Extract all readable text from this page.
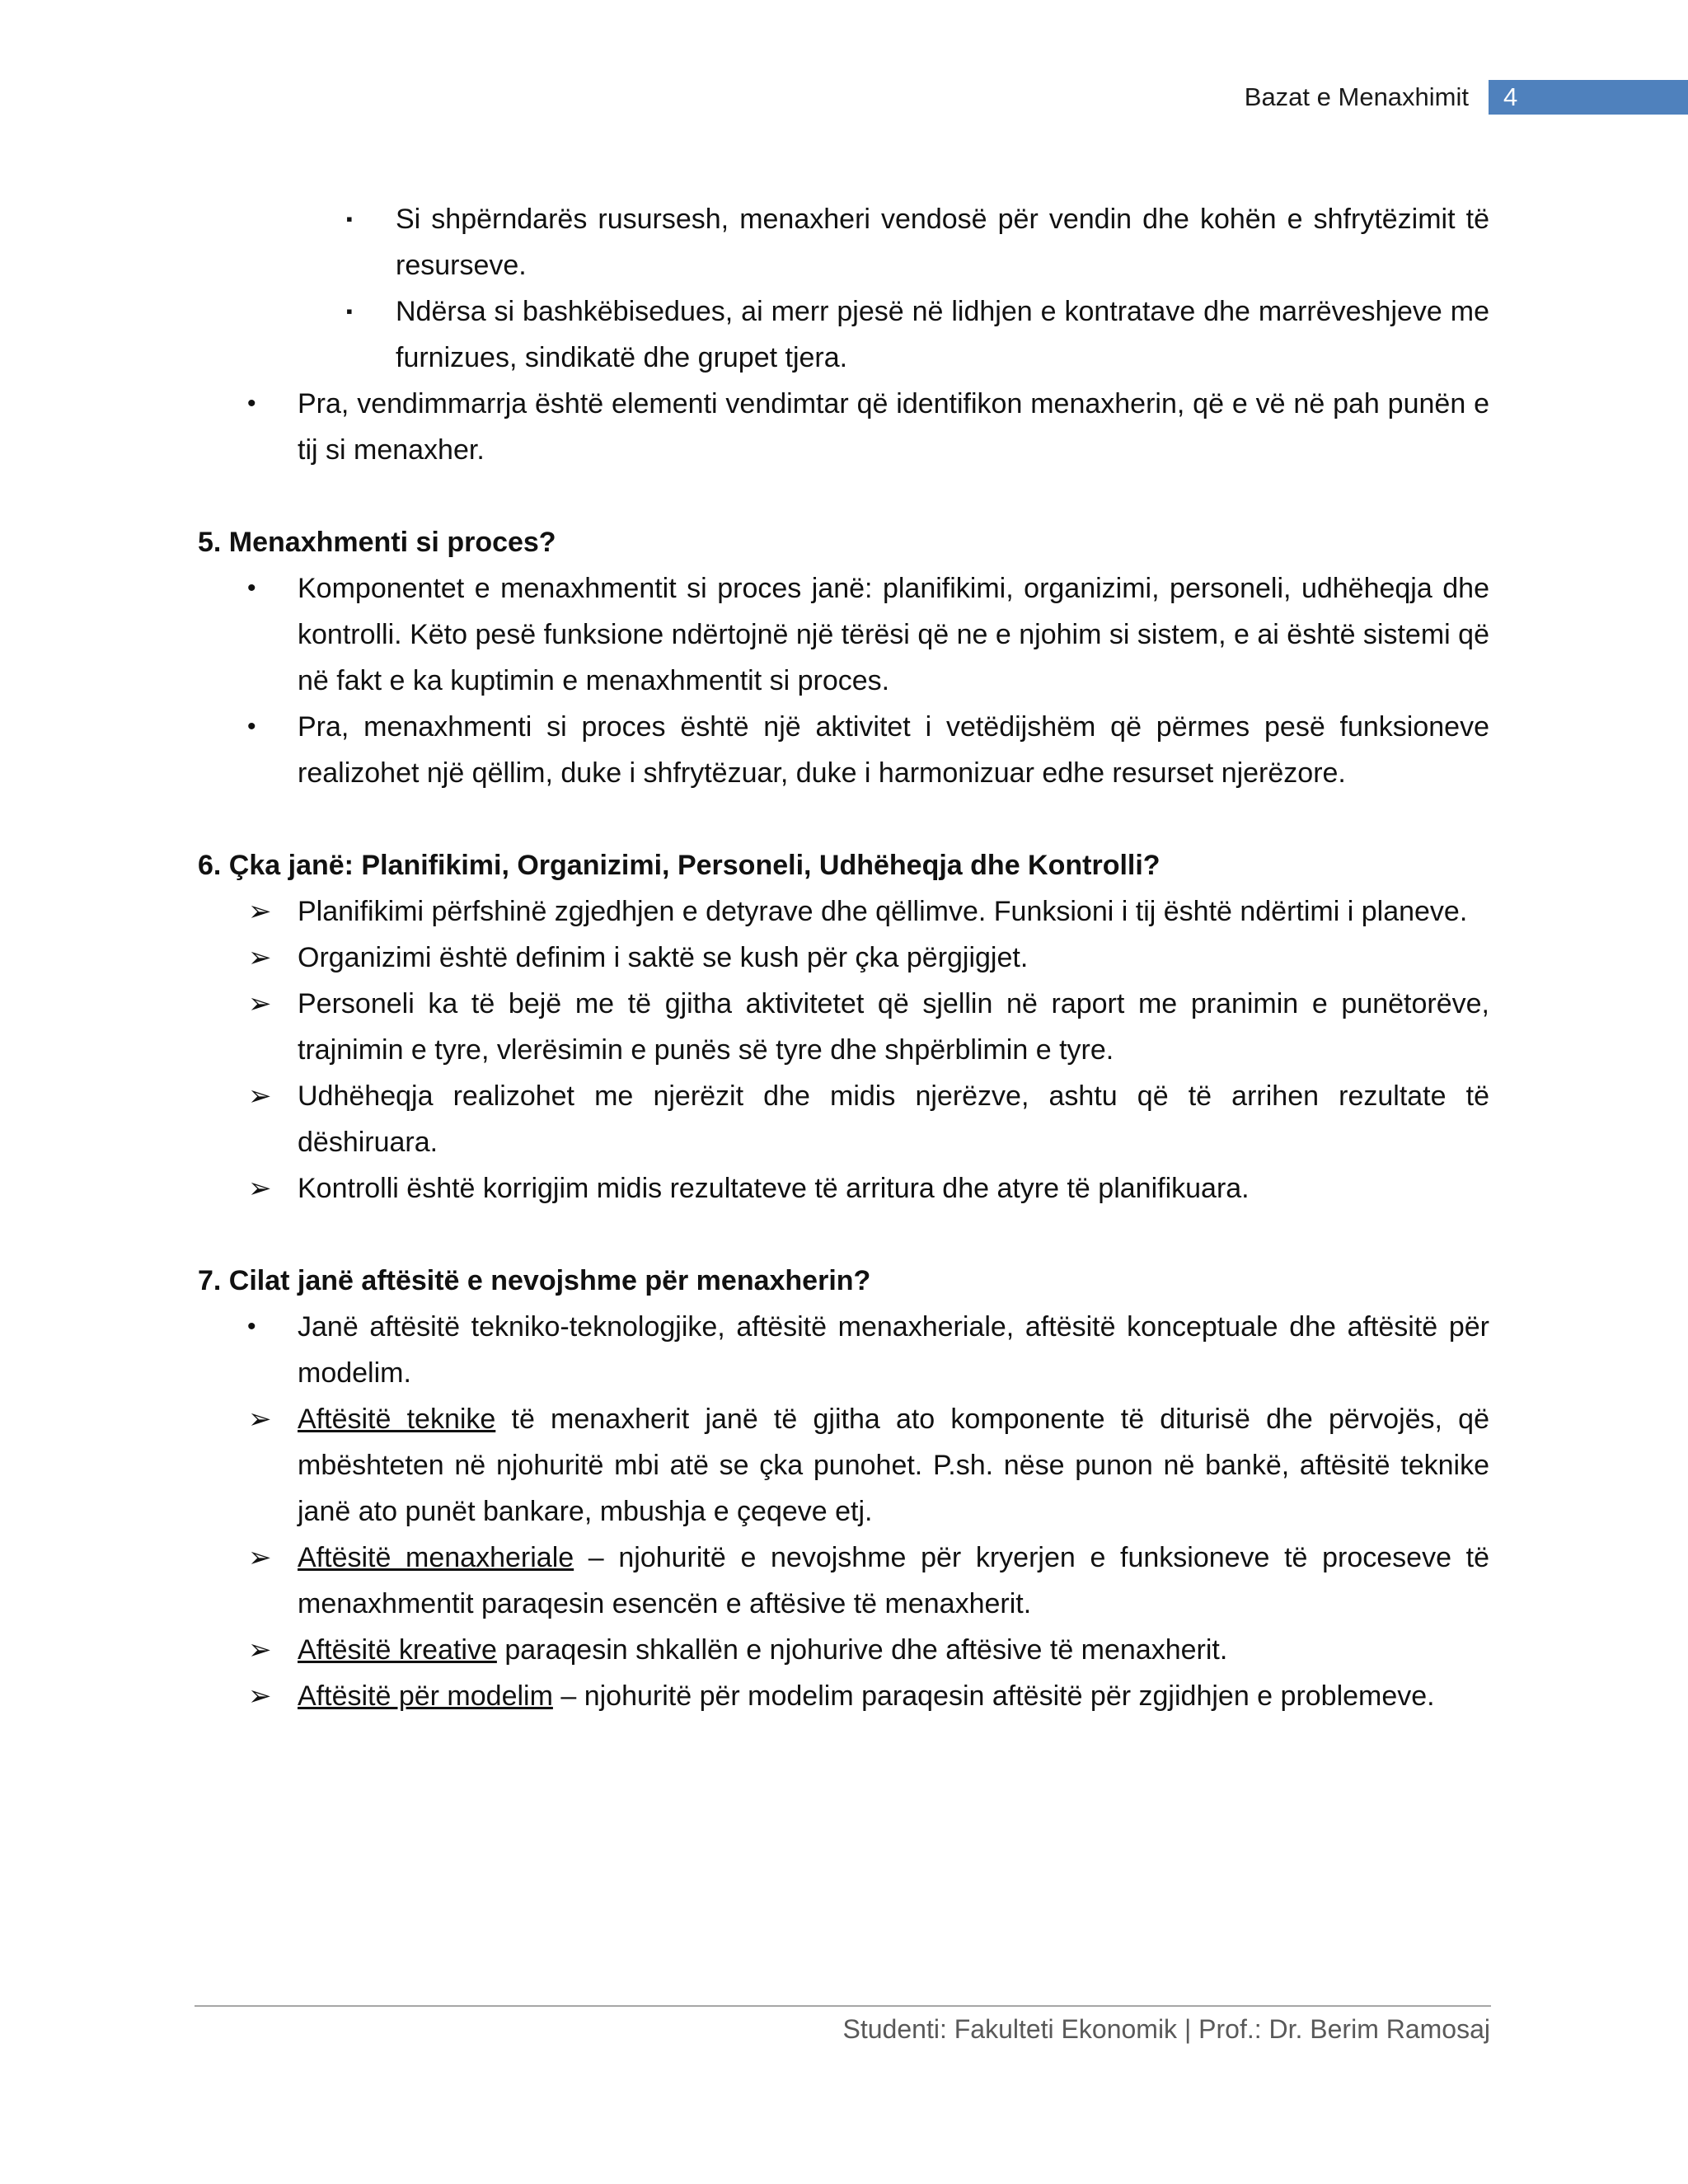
Bazat e Menaxhimit	4
▪ Si shpërndarës rusursesh, menaxheri vendosë për vendin dhe kohën e shfrytëzimit të resurseve.
▪ Ndërsa si bashkëbisedues, ai merr pjesë në lidhjen e kontratave dhe marrëveshjeve me furnizues, sindikatë dhe grupet tjera.
• Pra, vendimmarrja është elementi vendimtar që identifikon menaxherin, që e vë në pah punën e tij si menaxher.
5. Menaxhmenti si proces?
• Komponentet e menaxhmentit si proces janë: planifikimi, organizimi, personeli, udhëheqja dhe kontrolli. Këto pesë funksione ndërtojnë një tërësi që ne e njohim si sistem, e ai është sistemi që në fakt e ka kuptimin e menaxhmentit si proces.
• Pra, menaxhmenti si proces është një aktivitet i vetëdijshëm që përmes pesë funksioneve realizohet një qëllim, duke i shfrytëzuar, duke i harmonizuar edhe resurset njerëzore.
6. Çka janë: Planifikimi, Organizimi, Personeli, Udhëheqja dhe Kontrolli?
➢ Planifikimi përfshinë zgjedhjen e detyrave dhe qëllimve. Funksioni i tij është ndërtimi i planeve.
➢ Organizimi është definim i saktë se kush për çka përgjigjet.
➢ Personeli ka të bejë me të gjitha aktivitetet që sjellin në raport me pranimin e punëtorëve, trajnimin e tyre, vlerësimin e punës së tyre dhe shpërblimin e tyre.
➢ Udhëheqja realizohet me njerëzit dhe midis njerëzve, ashtu që të arrihen rezultate të dëshiruara.
➢ Kontrolli është korrigjim midis rezultateve të arritura dhe atyre të planifikuara.
7. Cilat janë aftësitë e nevojshme për menaxherin?
• Janë aftësitë tekniko-teknologjike, aftësitë menaxheriale, aftësitë konceptuale dhe aftësitë për modelim.
➢ Aftësitë teknike të menaxherit janë të gjitha ato komponente të diturisë dhe përvojës, që mbështeten në njohuritë mbi atë se çka punohet. P.sh. nëse punon në bankë, aftësitë teknike janë ato punët bankare, mbushja e çeqeve etj.
➢ Aftësitë menaxheriale – njohuritë e nevojshme për kryerjen e funksioneve të proceseve të menaxhmentit paraqesin esencën e aftësive të menaxherit.
➢ Aftësitë kreative paraqesin shkallën e njohurive dhe aftësive të menaxherit.
➢ Aftësitë për modelim – njohuritë për modelim paraqesin aftësitë për zgjidhjen e problemeve.
Studenti: Fakulteti Ekonomik | Prof.: Dr. Berim Ramosaj
